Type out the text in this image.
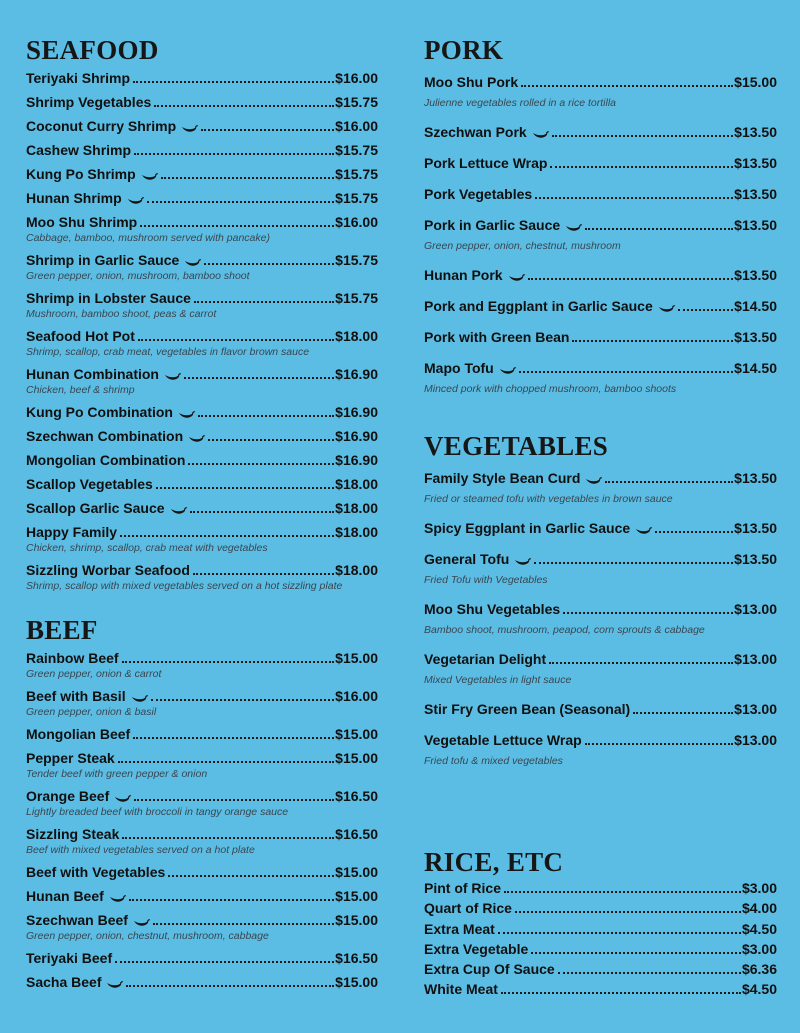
SEAFOOD
Teriyaki Shrimp	$16.00
Shrimp Vegetables	$15.75
Coconut Curry Shrimp	$16.00
Cashew Shrimp	$15.75
Kung Po Shrimp	$15.75
Hunan Shrimp	$15.75
Moo Shu Shrimp	$16.00
Cabbage, bamboo, mushroom served with pancake)
Shrimp in Garlic Sauce	$15.75
Green pepper, onion, mushroom, bamboo shoot
Shrimp in Lobster Sauce	$15.75
Mushroom, bamboo shoot, peas & carrot
Seafood Hot Pot	$18.00
Shrimp, scallop, crab meat, vegetables in flavor brown sauce
Hunan Combination	$16.90
Chicken, beef & shrimp
Kung Po Combination	$16.90
Szechwan Combination	$16.90
Mongolian Combination	$16.90
Scallop Vegetables	$18.00
Scallop Garlic Sauce	$18.00
Happy Family	$18.00
Chicken, shrimp, scallop, crab meat with vegetables
Sizzling Worbar Seafood	$18.00
Shrimp, scallop with mixed vegetables served on a hot sizzling plate
BEEF
Rainbow Beef	$15.00
Green pepper, onion & carrot
Beef with Basil	$16.00
Green pepper, onion & basil
Mongolian Beef	$15.00
Pepper Steak	$15.00
Tender beef with green pepper & onion
Orange Beef	$16.50
Lightly breaded beef with broccoli in tangy orange sauce
Sizzling Steak	$16.50
Beef with mixed vegetables served on a hot plate
Beef with Vegetables	$15.00
Hunan Beef	$15.00
Szechwan Beef	$15.00
Green pepper, onion, chestnut, mushroom, cabbage
Teriyaki Beef	$16.50
Sacha Beef	$15.00
PORK
Moo Shu Pork	$15.00
Julienne vegetables rolled in a rice tortilla
Szechwan Pork	$13.50
Pork Lettuce Wrap	$13.50
Pork Vegetables	$13.50
Pork in Garlic Sauce	$13.50
Green pepper, onion, chestnut, mushroom
Hunan Pork	$13.50
Pork and Eggplant in Garlic Sauce	$14.50
Pork with Green Bean	$13.50
Mapo Tofu	$14.50
Minced pork with chopped mushroom, bamboo shoots
VEGETABLES
Family Style Bean Curd	$13.50
Fried or steamed tofu with vegetables in brown sauce
Spicy Eggplant in Garlic Sauce	$13.50
General Tofu	$13.50
Fried Tofu with Vegetables
Moo Shu Vegetables	$13.00
Bamboo shoot, mushroom, peapod, corn sprouts & cabbage
Vegetarian Delight	$13.00
Mixed Vegetables in light sauce
Stir Fry Green Bean (Seasonal)	$13.00
Vegetable Lettuce Wrap	$13.00
Fried tofu & mixed vegetables
RICE, ETC
Pint of Rice	$3.00
Quart of Rice	$4.00
Extra Meat	$4.50
Extra Vegetable	$3.00
Extra Cup Of Sauce	$6.36
White Meat	$4.50
